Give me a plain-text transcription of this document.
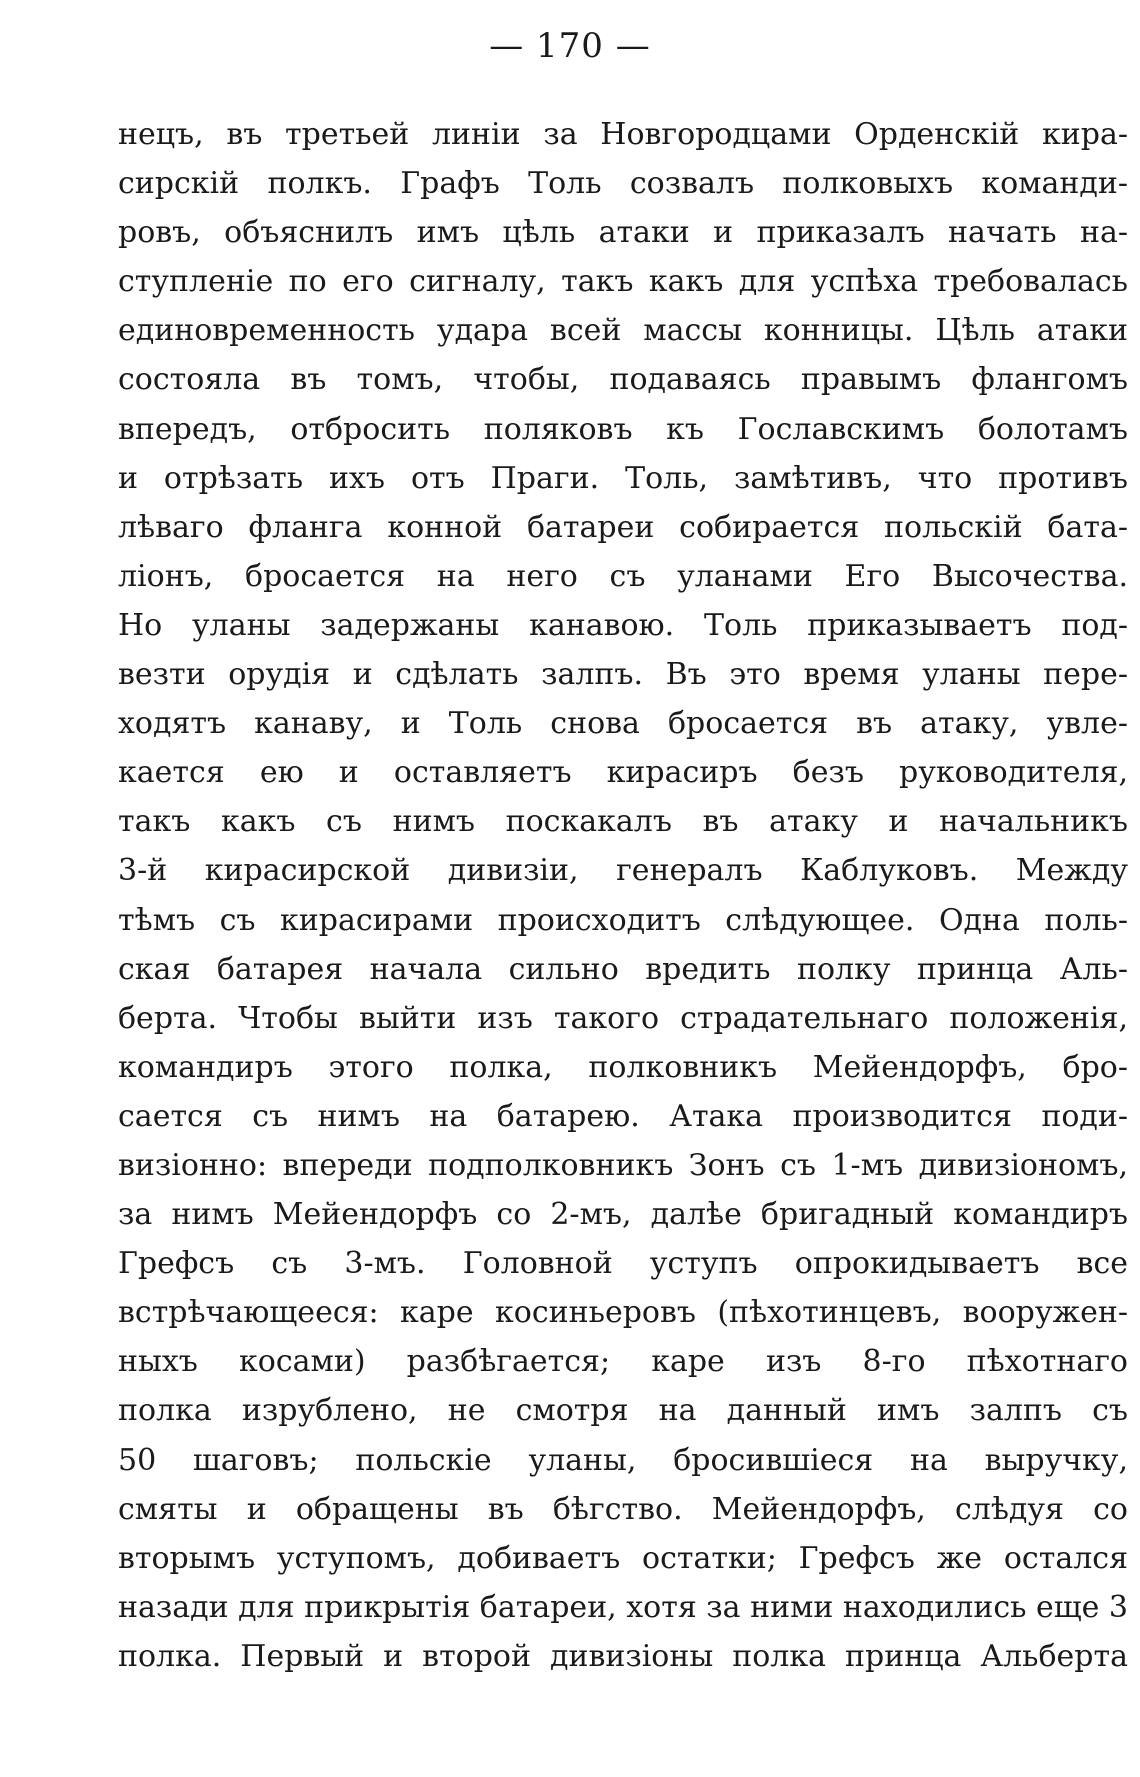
— 170 —
нецъ, въ третьей линіи за Новгородцами Орденскій кира-
сирскій полкъ. Графъ Толь созвалъ полковыхъ команди-
ровъ, объяснилъ имъ цѣль атаки и приказалъ начать на-
ступленіе по его сигналу, такъ какъ для успѣха требовалась
единовременность удара всей массы конницы. Цѣль атаки
состояла въ томъ, чтобы, подаваясь правымъ флангомъ
впередъ, отбросить поляковъ къ Гославскимъ болотамъ
и отрѣзать ихъ отъ Праги. Толь, замѣтивъ, что противъ
лѣваго фланга конной батареи собирается польскій бата-
ліонъ, бросается на него съ уланами Его Высочества.
Но уланы задержаны канавою. Толь приказываетъ под-
везти орудія и сдѣлать залпъ. Въ это время уланы пере-
ходятъ канаву, и Толь снова бросается въ атаку, увле-
кается ею и оставляетъ кирасиръ безъ руководителя,
такъ какъ съ нимъ поскакалъ въ атаку и начальникъ
3-й кирасирской дивизіи, генералъ Каблуковъ. Между
тѣмъ съ кирасирами происходитъ слѣдующее. Одна поль-
ская батарея начала сильно вредить полку принца Аль-
берта. Чтобы выйти изъ такого страдательнаго положенія,
командиръ этого полка, полковникъ Мейендорфъ, бро-
сается съ нимъ на батарею. Атака производится поди-
визіонно: впереди подполковникъ Зонъ съ 1-мъ дивизіономъ,
за нимъ Мейендорфъ со 2-мъ, далѣе бригадный командиръ
Грефсъ съ 3-мъ. Головной уступъ опрокидываетъ все
встрѣчающееся: каре косиньеровъ (пѣхотинцевъ, вооружен-
ныхъ косами) разбѣгается; каре изъ 8-го пѣхотнаго
полка изрублено, не смотря на данный имъ залпъ съ
50 шаговъ; польскіе уланы, бросившіеся на выручку,
смяты и обращены въ бѣгство. Мейендорфъ, слѣдуя со
вторымъ уступомъ, добиваетъ остатки; Грефсъ же остался
назади для прикрытія батареи, хотя за ними находились еще 3
полка. Первый и второй дивизіоны полка принца Альберта
